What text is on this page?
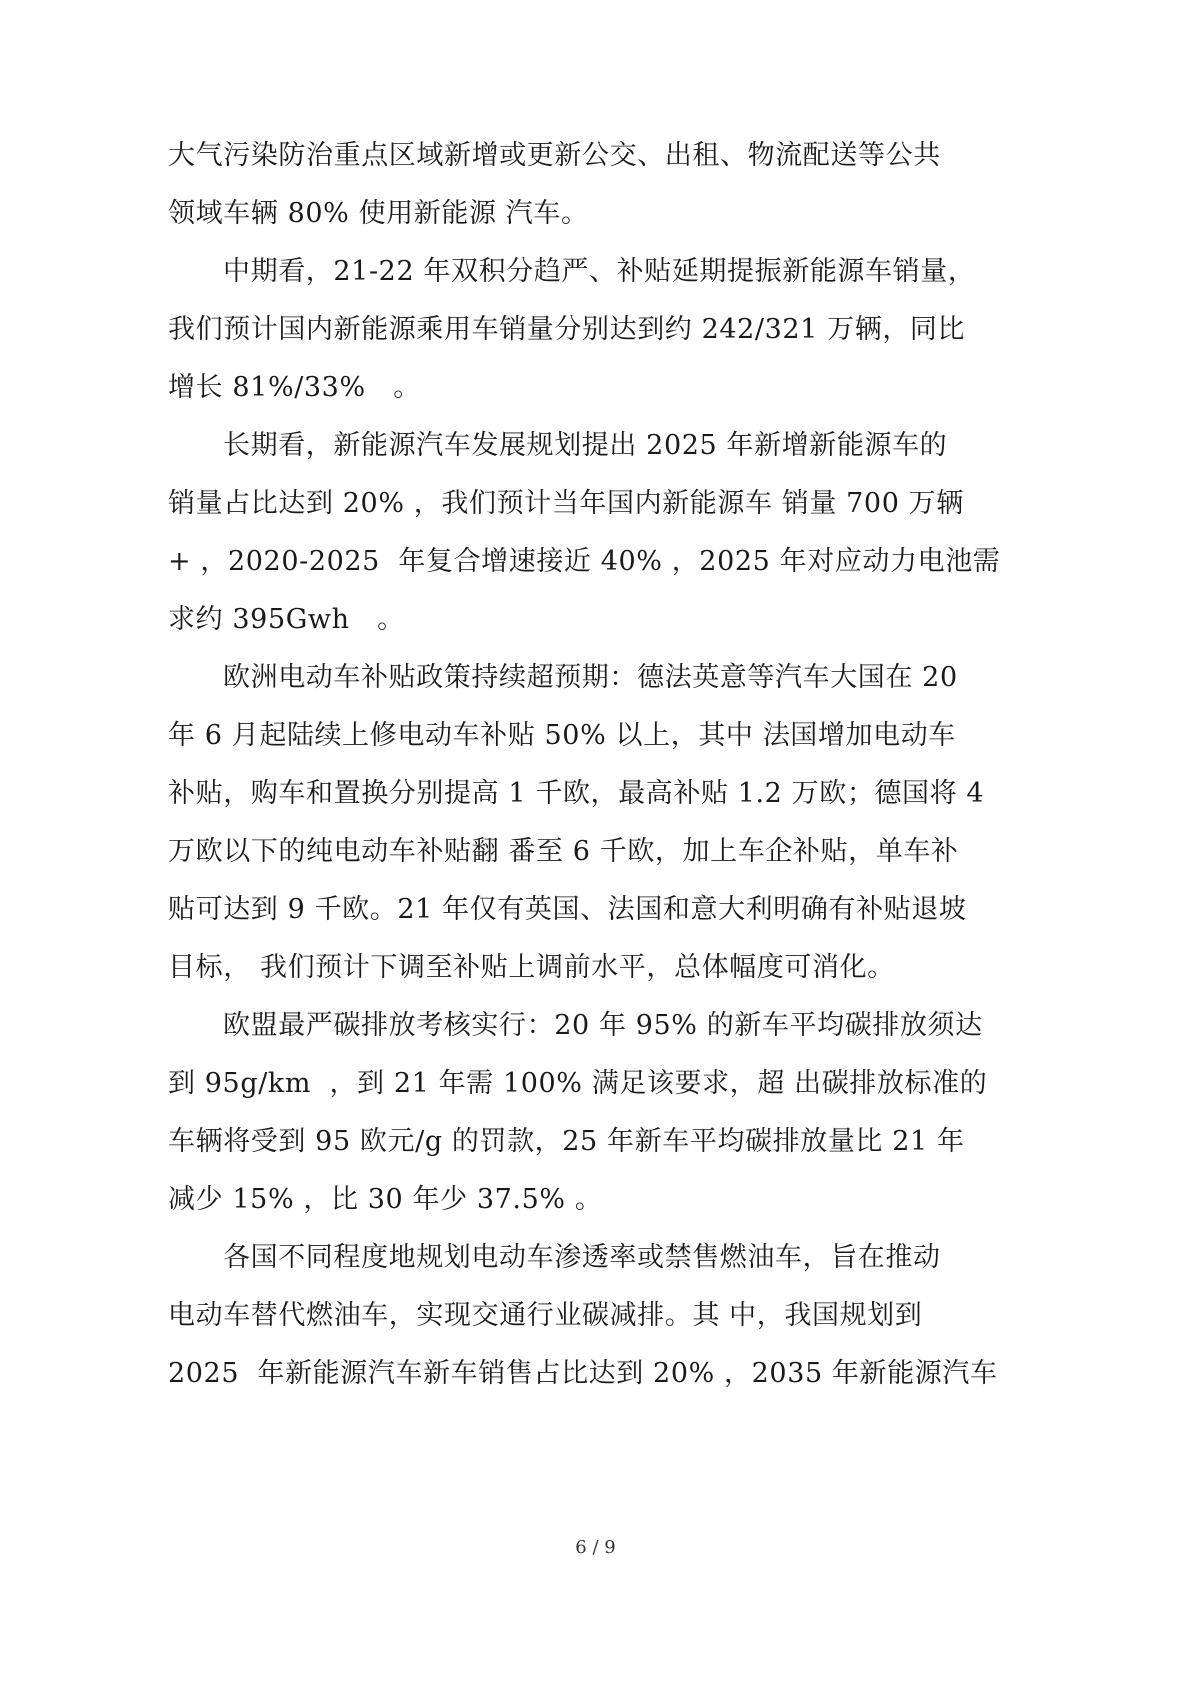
大气污染防治重点区域新增或更新公交、出租、物流配送等公共
领域车辆 80% 使用新能源 汽车。
中期看，21-22 年双积分趋严、补贴延期提振新能源车销量，
我们预计国内新能源乘用车销量分别达到约 242/321 万辆，同比
增长 81%/33%   。
长期看，新能源汽车发展规划提出 2025 年新增新能源车的
销量占比达到 20% ，我们预计当年国内新能源车 销量 700 万辆
+ ，2020-2025  年复合增速接近 40% ，2025 年对应动力电池需
求约 395Gwh   。
欧洲电动车补贴政策持续超预期：德法英意等汽车大国在 20
年 6 月起陆续上修电动车补贴 50% 以上，其中 法国增加电动车
补贴，购车和置换分别提高 1 千欧，最高补贴 1.2 万欧；德国将 4
万欧以下的纯电动车补贴翻 番至 6 千欧，加上车企补贴，单车补
贴可达到 9 千欧。21 年仅有英国、法国和意大利明确有补贴退坡
目标， 我们预计下调至补贴上调前水平，总体幅度可消化。
欧盟最严碳排放考核实行：20 年 95% 的新车平均碳排放须达
到 95g/km  ，到 21 年需 100% 满足该要求，超 出碳排放标准的
车辆将受到 95 欧元/g 的罚款，25 年新车平均碳排放量比 21 年
减少 15% ，比 30 年少 37.5% 。
各国不同程度地规划电动车渗透率或禁售燃油车，旨在推动
电动车替代燃油车，实现交通行业碳减排。其 中，我国规划到
2025  年新能源汽车新车销售占比达到 20% ，2035 年新能源汽车
6 / 9
